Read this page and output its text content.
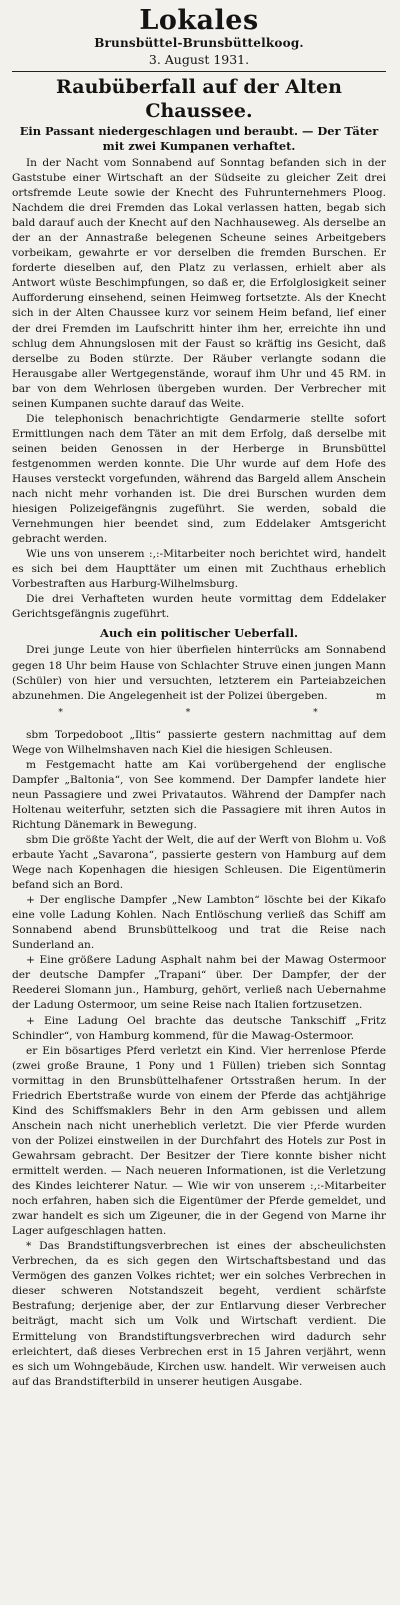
Lokales
Brunsbüttel-Brunsbüttelkoog.
3. August 1931.
Raubüberfall auf der Alten Chaussee.
Ein Passant niedergeschlagen und beraubt. — Der Täter mit zwei Kumpanen verhaftet.

In der Nacht vom Sonnabend auf Sonntag befanden sich in der Gaststube einer Wirtschaft an der Südseite zu gleicher Zeit drei ortsfremde Leute sowie der Knecht des Fuhrunternehmers Ploog. Nachdem die drei Fremden das Lokal verlassen hatten, begab sich bald darauf auch der Knecht auf den Nachhauseweg. Als derselbe an der an der Annastraße belegenen Scheune seines Arbeitgebers vorbeikam, gewahrte er vor derselben die fremden Burschen. Er forderte dieselben auf, den Platz zu verlassen, erhielt aber als Antwort wüste Beschimpfungen, so daß er, die Erfolglosigkeit seiner Aufforderung einsehend, seinen Heimweg fortsetzte. Als der Knecht sich in der Alten Chaussee kurz vor seinem Heim befand, lief einer der drei Fremden im Laufschritt hinter ihm her, erreichte ihn und schlug dem Ahnungslosen mit der Faust so kräftig ins Gesicht, daß derselbe zu Boden stürzte. Der Räuber verlangte sodann die Herausgabe aller Wertgegenstände, worauf ihm Uhr und 45 RM. in bar von dem Wehrlosen übergeben wurden. Der Verbrecher mit seinen Kumpanen suchte darauf das Weite.

Die telephonisch benachrichtigte Gendarmerie stellte sofort Ermittlungen nach dem Täter an mit dem Erfolg, daß derselbe mit seinen beiden Genossen in der Herberge in Brunsbüttel festgenommen werden konnte. Die Uhr wurde auf dem Hofe des Hauses versteckt vorgefunden, während das Bargeld allem Anschein nach nicht mehr vorhanden ist. Die drei Burschen wurden dem hiesigen Polizeigefängnis zugeführt. Sie werden, sobald die Vernehmungen hier beendet sind, zum Eddelaker Amtsgericht gebracht werden.

Wie uns von unserem :,:-Mitarbeiter noch berichtet wird, handelt es sich bei dem Haupttäter um einen mit Zuchthaus erheblich Vorbestraften aus Harburg-Wilhelmsburg.

Die drei Verhafteten wurden heute vormittag dem Eddelaker Gerichtsgefängnis zugeführt.

Auch ein politischer Ueberfall.

Drei junge Leute von hier überfielen hinterrücks am Sonnabend gegen 18 Uhr beim Hause von Schlachter Struve einen jungen Mann (Schüler) von hier und versuchten, letzterem ein Parteiabzeichen abzunehmen. Die Angelegenheit ist der Polizei übergeben.	m

* * *

sbm Torpedoboot „Iltis“ passierte gestern nachmittag auf dem Wege von Wilhelmshaven nach Kiel die hiesigen Schleusen.

m Festgemacht hatte am Kai vorübergehend der englische Dampfer „Baltonia“, von See kommend. Der Dampfer landete hier neun Passagiere und zwei Privatautos. Während der Dampfer nach Holtenau weiterfuhr, setzten sich die Passagiere mit ihren Autos in Richtung Dänemark in Bewegung.

sbm Die größte Yacht der Welt, die auf der Werft von Blohm u. Voß erbaute Yacht „Savarona“, passierte gestern von Hamburg auf dem Wege nach Kopenhagen die hiesigen Schleusen. Die Eigentümerin befand sich an Bord.

+ Der englische Dampfer „New Lambton“ löschte bei der Kikafo eine volle Ladung Kohlen. Nach Entlöschung verließ das Schiff am Sonnabend abend Brunsbüttelkoog und trat die Reise nach Sunderland an.

+ Eine größere Ladung Asphalt nahm bei der Mawag Ostermoor der deutsche Dampfer „Trapani“ über. Der Dampfer, der der Reederei Slomann jun., Hamburg, gehört, verließ nach Uebernahme der Ladung Ostermoor, um seine Reise nach Italien fortzusetzen.

+ Eine Ladung Oel brachte das deutsche Tankschiff „Fritz Schindler“, von Hamburg kommend, für die Mawag-Ostermoor.

er Ein bösartiges Pferd verletzt ein Kind. Vier herrenlose Pferde (zwei große Braune, 1 Pony und 1 Füllen) trieben sich Sonntag vormittag in den Brunsbüttelhafener Ortsstraßen herum. In der Friedrich Ebertstraße wurde von einem der Pferde das achtjährige Kind des Schiffsmaklers Behr in den Arm gebissen und allem Anschein nach nicht unerheblich verletzt. Die vier Pferde wurden von der Polizei einstweilen in der Durchfahrt des Hotels zur Post in Gewahrsam gebracht. Der Besitzer der Tiere konnte bisher nicht ermittelt werden. — Nach neueren Informationen, ist die Verletzung des Kindes leichterer Natur. — Wie wir von unserem :,:-Mitarbeiter noch erfahren, haben sich die Eigentümer der Pferde gemeldet, und zwar handelt es sich um Zigeuner, die in der Gegend von Marne ihr Lager aufgeschlagen hatten.

* Das Brandstiftungsverbrechen ist eines der abscheulichsten Verbrechen, da es sich gegen den Wirtschaftsbestand und das Vermögen des ganzen Volkes richtet; wer ein solches Verbrechen in dieser schweren Notstandszeit begeht, verdient schärfste Bestrafung; derjenige aber, der zur Entlarvung dieser Verbrecher beiträgt, macht sich um Volk und Wirtschaft verdient. Die Ermittelung von Brandstiftungsverbrechen wird dadurch sehr erleichtert, daß dieses Verbrechen erst in 15 Jahren verjährt, wenn es sich um Wohngebäude, Kirchen usw. handelt. Wir verweisen auch auf das Brandstifterbild in unserer heutigen Ausgabe.
